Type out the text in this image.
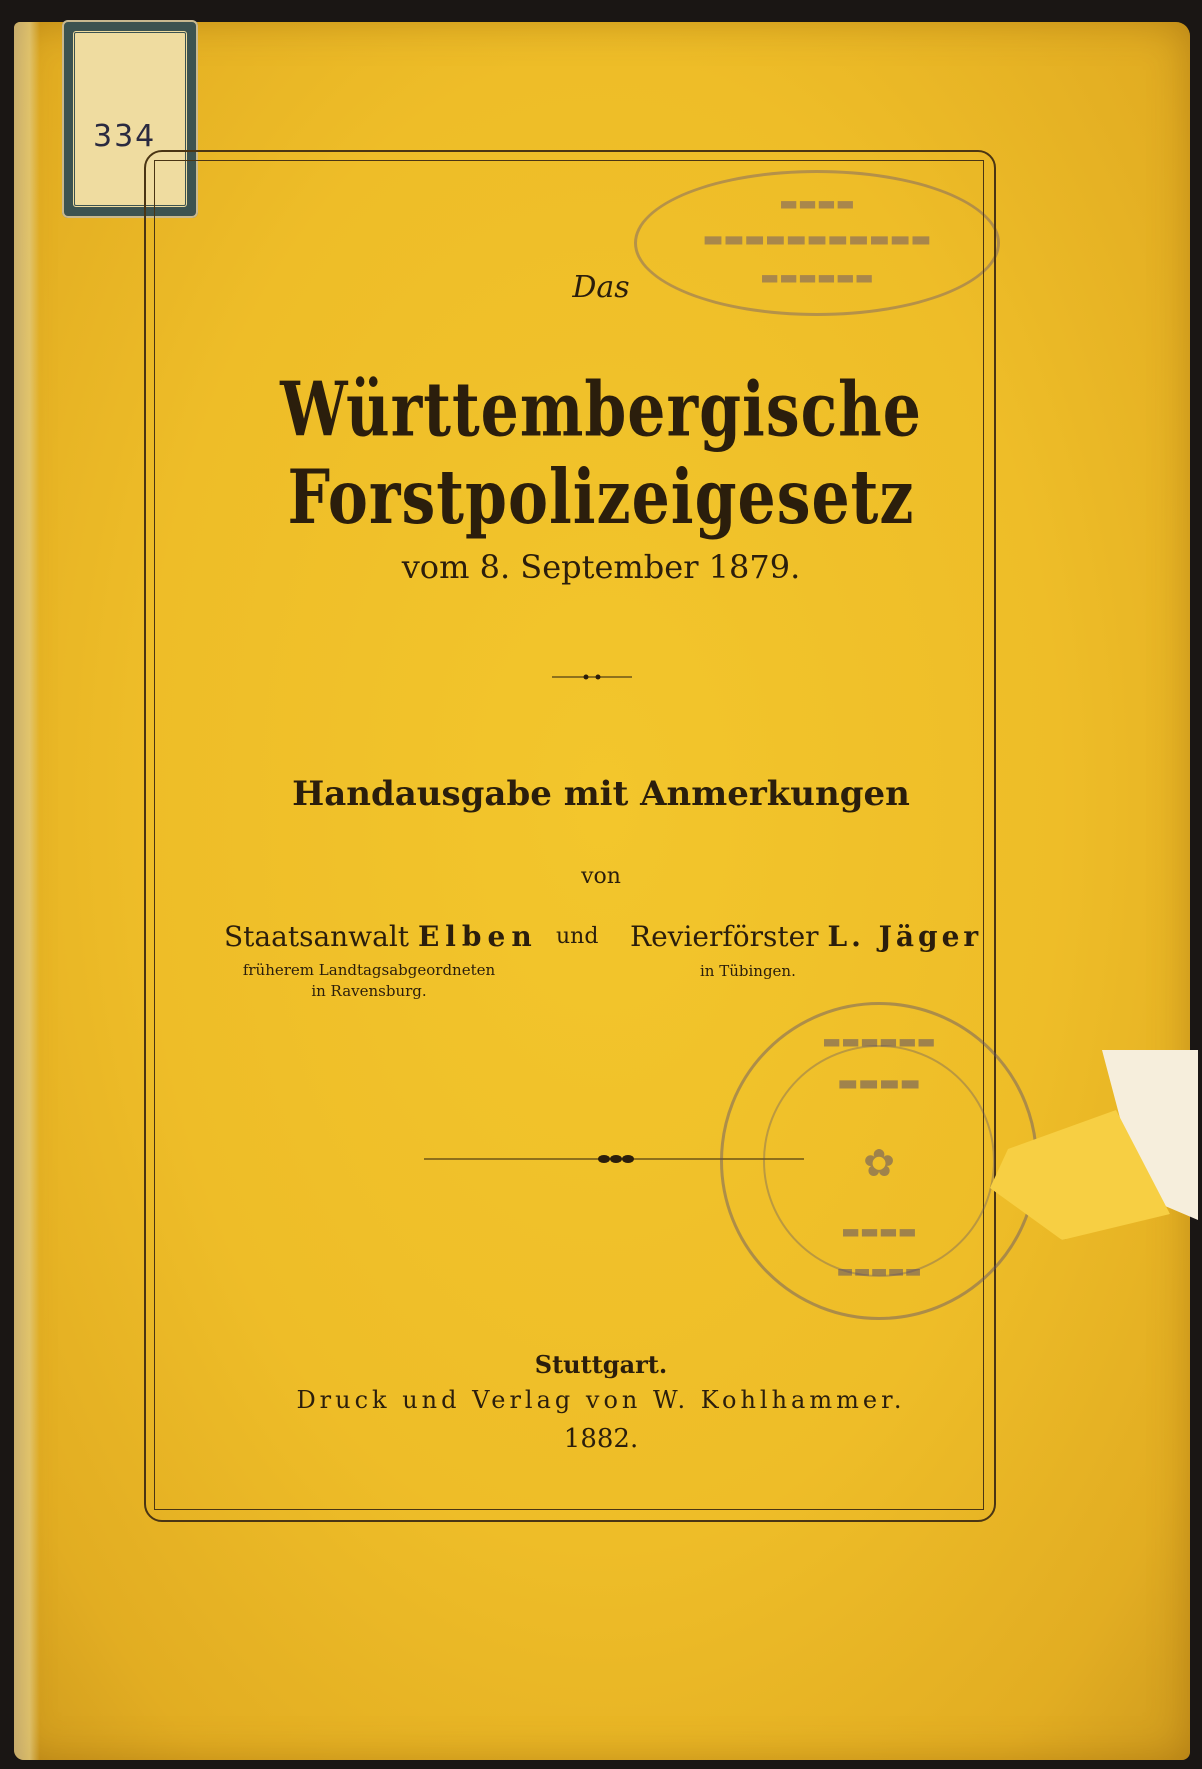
334
▬▬▬▬
▬▬▬▬▬▬▬▬▬▬▬
▬▬▬▬▬▬
Das
Württembergische Forstpolizeigesetz
vom 8. September 1879.
Handausgabe mit Anmerkungen
von
Staatsanwalt Elben und Revierförster L. Jäger
früherem Landtagsabgeordneten
in Ravensburg.
in Tübingen.
▬▬▬▬▬▬
▬▬▬▬
✿
▬▬▬▬
▬▬▬▬▬
Stuttgart.
Druck und Verlag von W. Kohlhammer.
1882.
